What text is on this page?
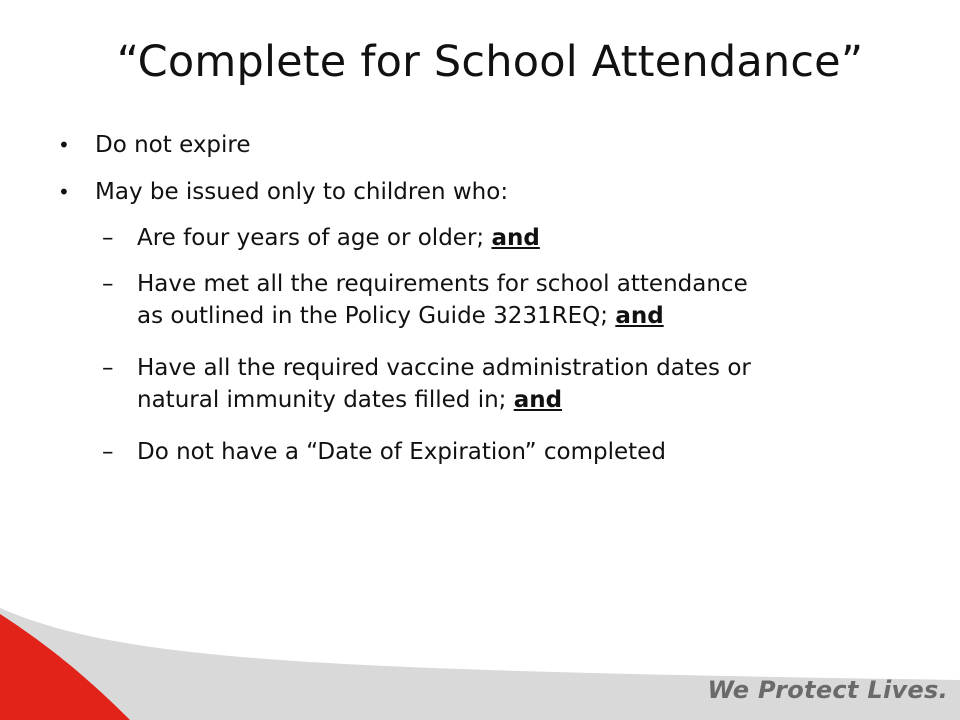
“Complete for School Attendance”
• Do not expire
• May be issued only to children who:
– Are four years of age or older; and
– Have met all the requirements for school attendance
as outlined in the Policy Guide 3231REQ; and
– Have all the required vaccine administration dates or
natural immunity dates filled in; and
– Do not have a “Date of Expiration” completed
We Protect Lives.
